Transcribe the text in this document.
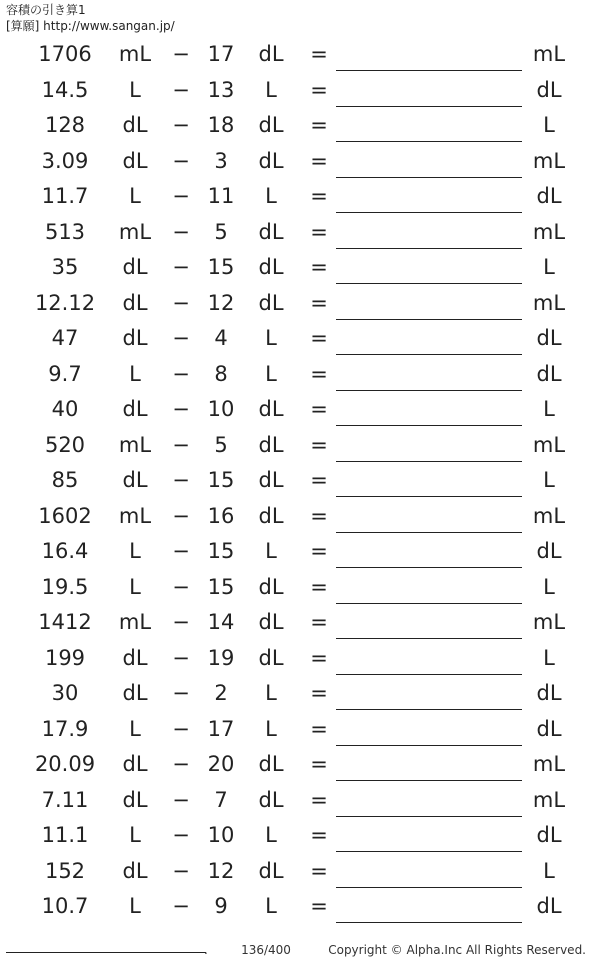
容積の引き算1
[算願] http://www.sangan.jp/
1706	mL	− 17	dL	=	mL
14.5	L	− 13	L	=	dL
128	dL	− 18	dL	=	L
3.09	dL	−	3	dL	=	mL
11.7	L	− 11	L	=	dL
513	mL	−	5	dL	=	mL
35	dL	− 15	dL	=	L
12.12	dL	− 12	dL	=	mL
47	dL	−	4	L	=	dL
9.7	L	−	8	L	=	dL
40	dL	− 10	dL	=	L
520	mL	−	5	dL	=	mL
85	dL	− 15	dL	=	L
1602	mL	− 16	dL	=	mL
16.4	L	− 15	L	=	dL
19.5	L	− 15	dL	=	L
1412	mL	− 14	dL	=	mL
199	dL	− 19	dL	=	L
30	dL	−	2	L	=	dL
17.9	L	− 17	L	=	dL
20.09	dL	− 20	dL	=	mL
7.11	dL	−	7	dL	=	mL
11.1	L	− 10	L	=	dL
152	dL	− 12	dL	=	L
10.7	L	−	9	L	=	dL
.	136/400	Copyright © Alpha.Inc All Rights Reserved.
